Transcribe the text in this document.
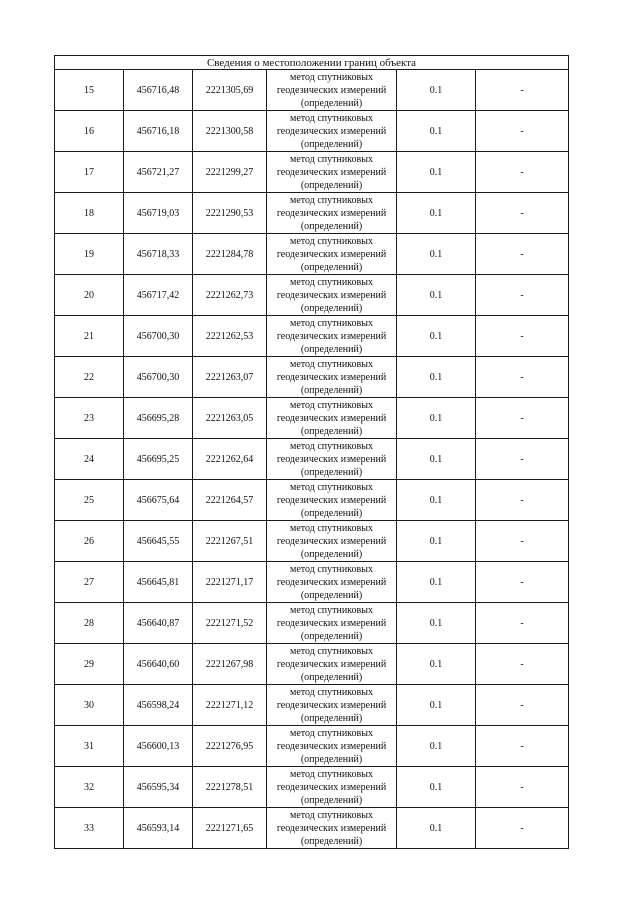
Сведения о местоположении границ объекта					
15	456716,48	2221305,69	метод спутниковых
геодезических измерений
(определений)	0.1	-
16	456716,18	2221300,58	метод спутниковых
геодезических измерений
(определений)	0.1	-
17	456721,27	2221299,27	метод спутниковых
геодезических измерений
(определений)	0.1	-
18	456719,03	2221290,53	метод спутниковых
геодезических измерений
(определений)	0.1	-
19	456718,33	2221284,78	метод спутниковых
геодезических измерений
(определений)	0.1	-
20	456717,42	2221262,73	метод спутниковых
геодезических измерений
(определений)	0.1	-
21	456700,30	2221262,53	метод спутниковых
геодезических измерений
(определений)	0.1	-
22	456700,30	2221263,07	метод спутниковых
геодезических измерений
(определений)	0.1	-
23	456695,28	2221263,05	метод спутниковых
геодезических измерений
(определений)	0.1	-
24	456695,25	2221262,64	метод спутниковых
геодезических измерений
(определений)	0.1	-
25	456675,64	2221264,57	метод спутниковых
геодезических измерений
(определений)	0.1	-
26	456645,55	2221267,51	метод спутниковых
геодезических измерений
(определений)	0.1	-
27	456645,81	2221271,17	метод спутниковых
геодезических измерений
(определений)	0.1	-
28	456640,87	2221271,52	метод спутниковых
геодезических измерений
(определений)	0.1	-
29	456640,60	2221267,98	метод спутниковых
геодезических измерений
(определений)	0.1	-
30	456598,24	2221271,12	метод спутниковых
геодезических измерений
(определений)	0.1	-
31	456600,13	2221276,95	метод спутниковых
геодезических измерений
(определений)	0.1	-
32	456595,34	2221278,51	метод спутниковых
геодезических измерений
(определений)	0.1	-
33	456593,14	2221271,65	метод спутниковых
геодезических измерений
(определений)	0.1	-
